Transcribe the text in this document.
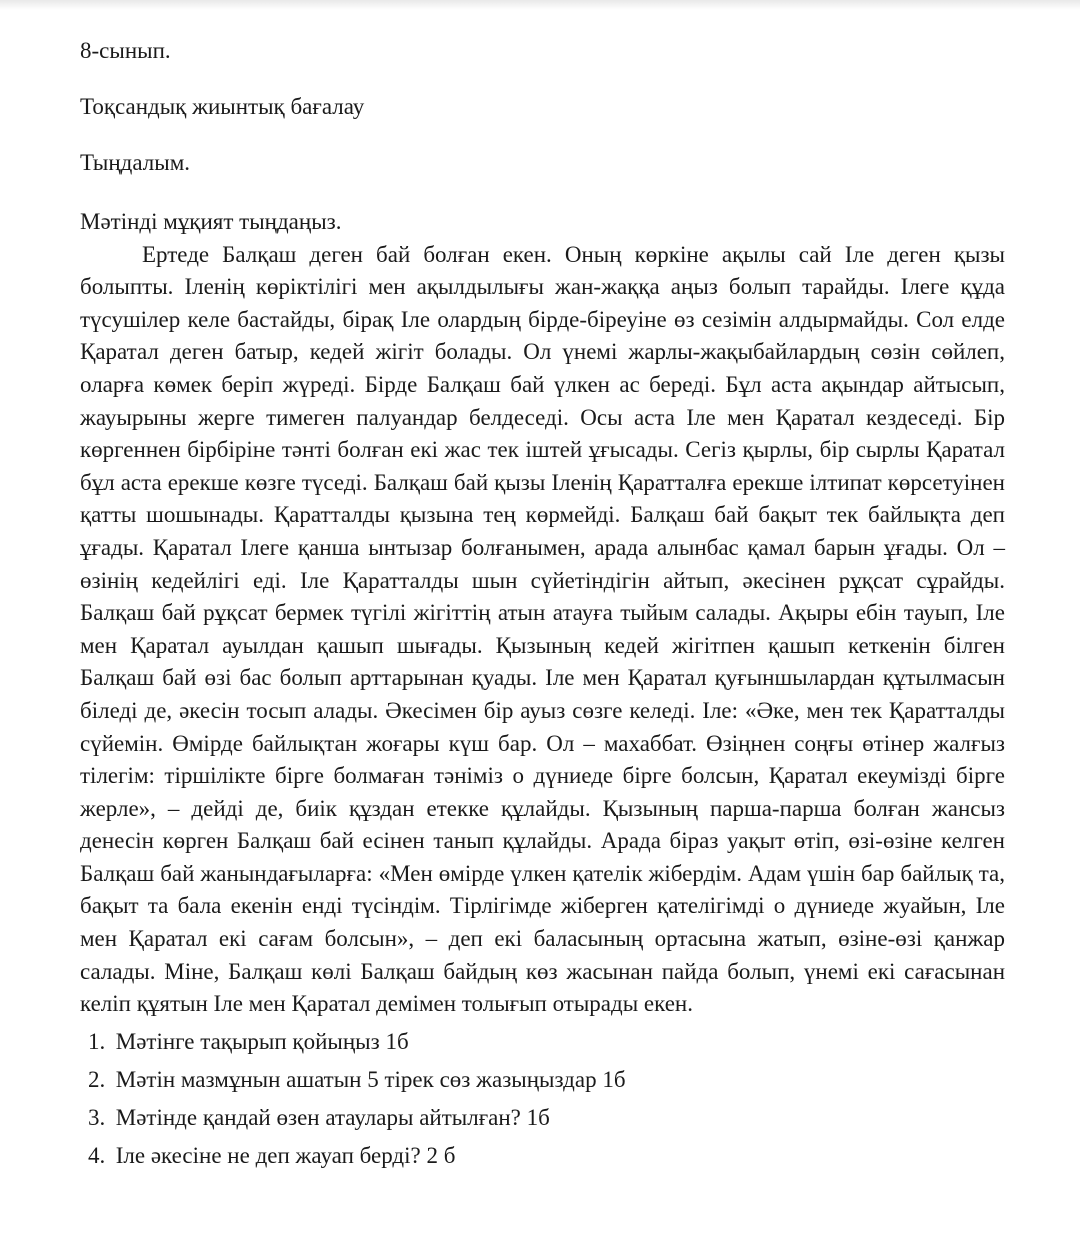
8-сынып.

Тоқсандық жиынтық бағалау

Тыңдалым.

Мәтінді мұқият тыңдаңыз.

Ертеде Балқаш деген бай болған екен. Оның көркіне ақылы сай Іле деген қызы болыпты. Іленің көріктілігі мен ақылдылығы жан-жаққа аңыз болып тарайды. Ілеге құда түсушілер келе бастайды, бірақ Іле олардың бірде-біреуіне өз сезімін алдырмайды. Сол елде Қаратал деген батыр, кедей жігіт болады. Ол үнемі жарлы-жақыбайлардың сөзін сөйлеп, оларға көмек беріп жүреді. Бірде Балқаш бай үлкен ас береді. Бұл аста ақындар айтысып, жауырыны жерге тимеген палуандар белдеседі. Осы аста Іле мен Қаратал кездеседі. Бір көргеннен бірбіріне тәнті болған екі жас тек іштей ұғысады. Сегіз қырлы, бір сырлы Қаратал бұл аста ерекше көзге түседі. Балқаш бай қызы Іленің Қаратталға ерекше ілтипат көрсетуінен қатты шошынады. Қаратталды қызына тең көрмейді. Балқаш бай бақыт тек байлықта деп ұғады. Қаратал Ілеге қанша ынтызар болғанымен, арада алынбас қамал барын ұғады. Ол – өзінің кедейлігі еді. Іле Қаратталды шын сүйетіндігін айтып, әкесінен рұқсат сұрайды. Балқаш бай рұқсат бермек түгілі жігіттің атын атауға тыйым салады. Ақыры ебін тауып, Іле мен Қаратал ауылдан қашып шығады. Қызының кедей жігітпен қашып кеткенін білген Балқаш бай өзі бас болып арттарынан қуады. Іле мен Қаратал қуғыншылардан құтылмасын біледі де, әкесін тосып алады. Әкесімен бір ауыз сөзге келеді. Іле: «Әке, мен тек Қаратталды сүйемін. Өмірде байлықтан жоғары күш бар. Ол – махаббат. Өзіңнен соңғы өтінер жалғыз тілегім: тіршілікте бірге болмаған тәніміз о дүниеде бірге болсын, Қаратал екеумізді бірге жерле», – дейді де, биік құздан етекке құлайды. Қызының парша-парша болған жансыз денесін көрген Балқаш бай есінен танып құлайды. Арада біраз уақыт өтіп, өзі-өзіне келген Балқаш бай жанындағыларға: «Мен өмірде үлкен қателік жібердім. Адам үшін бар байлық та, бақыт та бала екенін енді түсіндім. Тірлігімде жіберген қателігімді о дүниеде жуайын, Іле мен Қаратал екі сағам болсын», – деп екі баласының ортасына жатып, өзіне-өзі қанжар салады. Міне, Балқаш көлі Балқаш байдың көз жасынан пайда болып, үнемі екі сағасынан келіп құятын Іле мен Қаратал демімен толығып отырады екен.

1. Мәтінге тақырып қойыңыз 1б
2. Мәтін мазмұнын ашатын 5 тірек сөз жазыңыздар 1б
3. Мәтінде қандай өзен атаулары айтылған? 1б
4. Іле әкесіне не деп жауап берді? 2 б
